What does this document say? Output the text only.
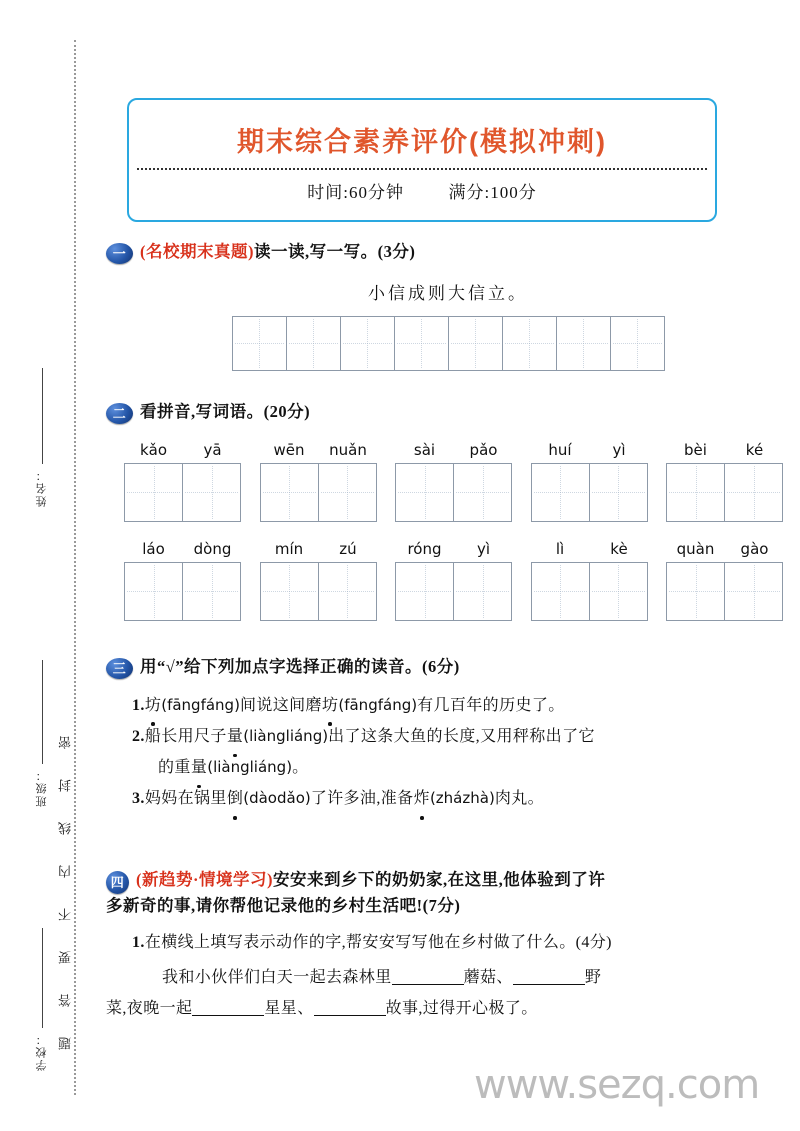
题答要不内线封密
姓名：
班级：
学校：
期末综合素养评价(模拟冲刺)
时间:60分钟	满分:100分
一 (名校期末真题)读一读,写一写。(3分)
小信成则大信立。
二 看拼音,写词语。(20分)
kǎo	yā	wēn	nuǎn	sài	pǎo	huí	yì	bèi	ké
láo	dòng	mín	zú	róng	yì	lì	kè	quàn	gào
三 用“√”给下列加点字选择正确的读音。(6分)
1.坊(fāngfáng)间说这间磨坊(fāngfáng)有几百年的历史了。
2.船长用尺子量(liàngliáng)出了这条大鱼的长度,又用秤称出了它
的重量(liàngliáng)。
3.妈妈在锅里倒(dàodǎo)了许多油,准备炸(zházhà)肉丸。
四 (新趋势·情境学习)安安来到乡下的奶奶家,在这里,他体验到了许
多新奇的事,请你帮他记录他的乡村生活吧!(7分)
1.在横线上填写表示动作的字,帮安安写写他在乡村做了什么。(4分)
我和小伙伴们白天一起去森林里	蘑菇、	野
菜,夜晚一起	星星、	故事,过得开心极了。
www.sezq.com
